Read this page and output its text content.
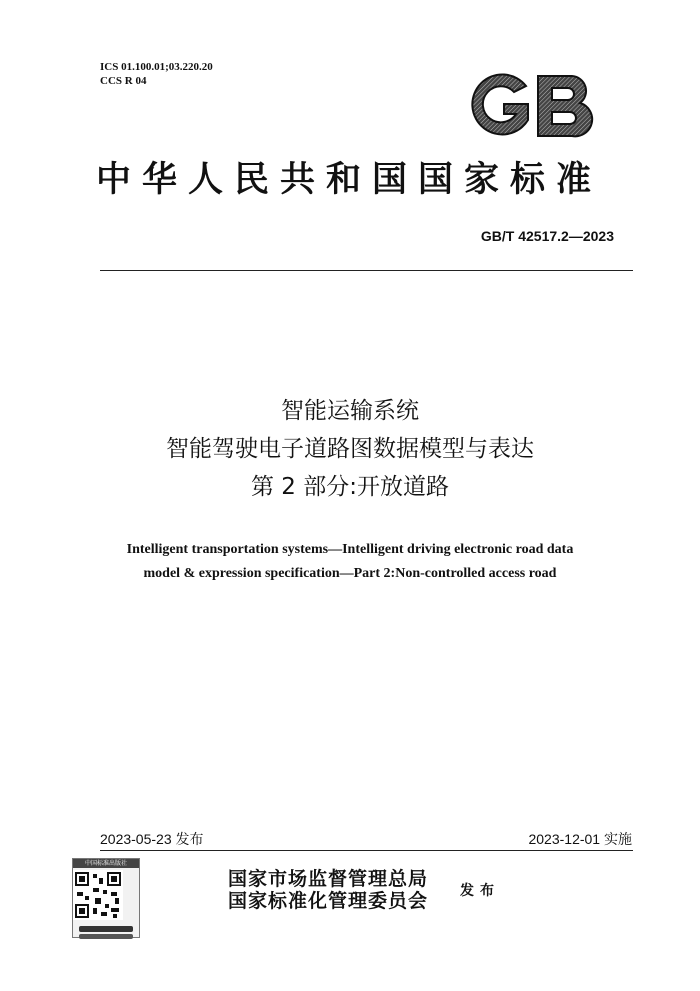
ICS 01.100.01;03.220.20
CCS R 04
中华人民共和国国家标准
GB/T 42517.2—2023
智能运输系统
智能驾驶电子道路图数据模型与表达
第 2 部分:开放道路
Intelligent transportation systems—Intelligent driving electronic road data
model & expression specification—Part 2:Non-controlled access road
2023-05-23 发布	2023-12-01 实施
中国标准出版社
国家市场监督管理总局
国家标准化管理委员会 发布
